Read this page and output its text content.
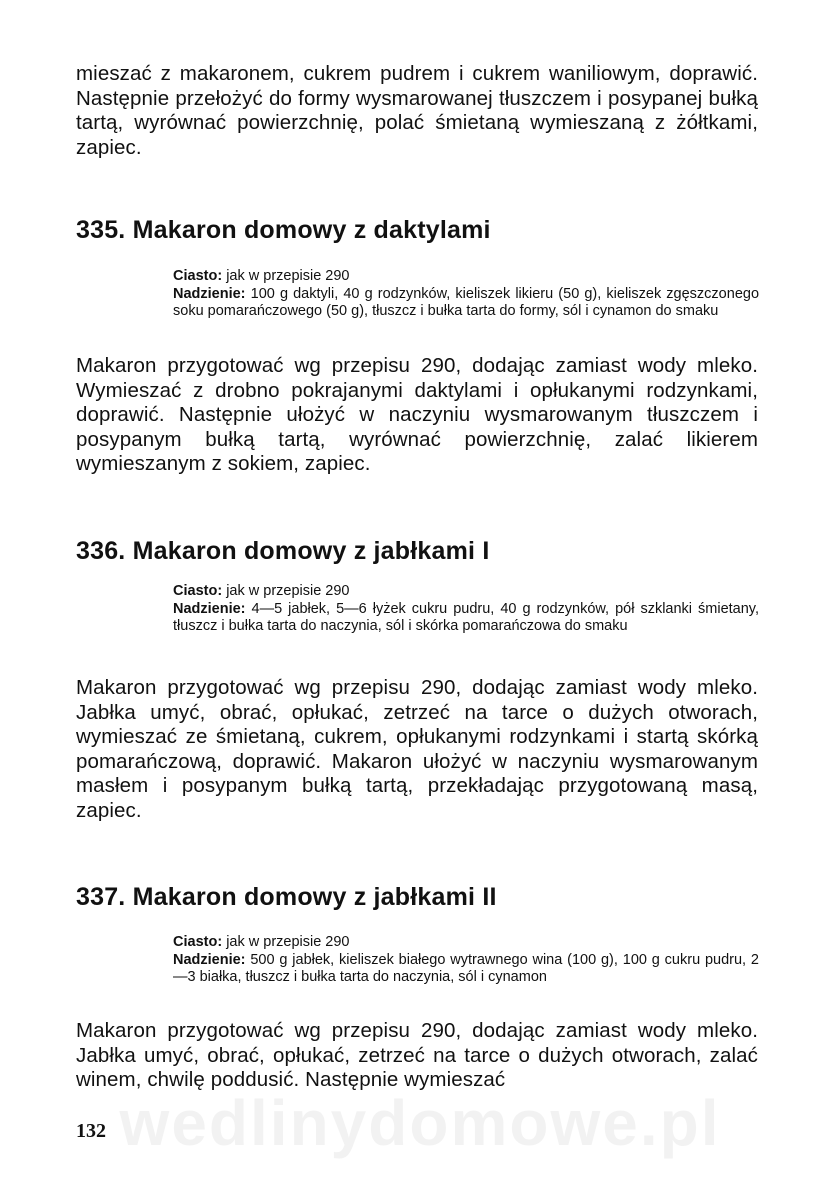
wedlinydomowe.pl
mieszać z makaronem, cukrem pudrem i cukrem waniliowym, doprawić. Następnie przełożyć do formy wysmarowanej tłuszczem i posypanej bułką tartą, wyrównać powierzchnię, polać śmietaną wymieszaną z żółtkami, zapiec.
335. Makaron domowy z daktylami
Ciasto: jak w przepisie 290
Nadzienie: 100 g daktyli, 40 g rodzynków, kieliszek likieru (50 g), kieliszek zgęszczonego soku pomarańczowego (50 g), tłuszcz i bułka tarta do formy, sól i cynamon do smaku
Makaron przygotować wg przepisu 290, dodając zamiast wody mleko. Wymieszać z drobno pokrajanymi daktylami i opłukanymi rodzynkami, doprawić. Następnie ułożyć w naczyniu wysmarowanym tłuszczem i posypanym bułką tartą, wyrównać powierzchnię, zalać likierem wymieszanym z sokiem, zapiec.
336. Makaron domowy z jabłkami I
Ciasto: jak w przepisie 290
Nadzienie: 4—5 jabłek, 5—6 łyżek cukru pudru, 40 g rodzynków, pół szklanki śmietany, tłuszcz i bułka tarta do naczynia, sól i skórka pomarańczowa do smaku
Makaron przygotować wg przepisu 290, dodając zamiast wody mleko. Jabłka umyć, obrać, opłukać, zetrzeć na tarce o dużych otworach, wymieszać ze śmietaną, cukrem, opłukanymi rodzynkami i startą skórką pomarańczową, doprawić. Makaron ułożyć w naczyniu wysmarowanym masłem i posypanym bułką tartą, przekładając przygotowaną masą, zapiec.
337. Makaron domowy z jabłkami II
Ciasto: jak w przepisie 290
Nadzienie: 500 g jabłek, kieliszek białego wytrawnego wina (100 g), 100 g cukru pudru, 2—3 białka, tłuszcz i bułka tarta do naczynia, sól i cynamon
Makaron przygotować wg przepisu 290, dodając zamiast wody mleko. Jabłka umyć, obrać, opłukać, zetrzeć na tarce o dużych otworach, zalać winem, chwilę poddusić. Następnie wymieszać
132
